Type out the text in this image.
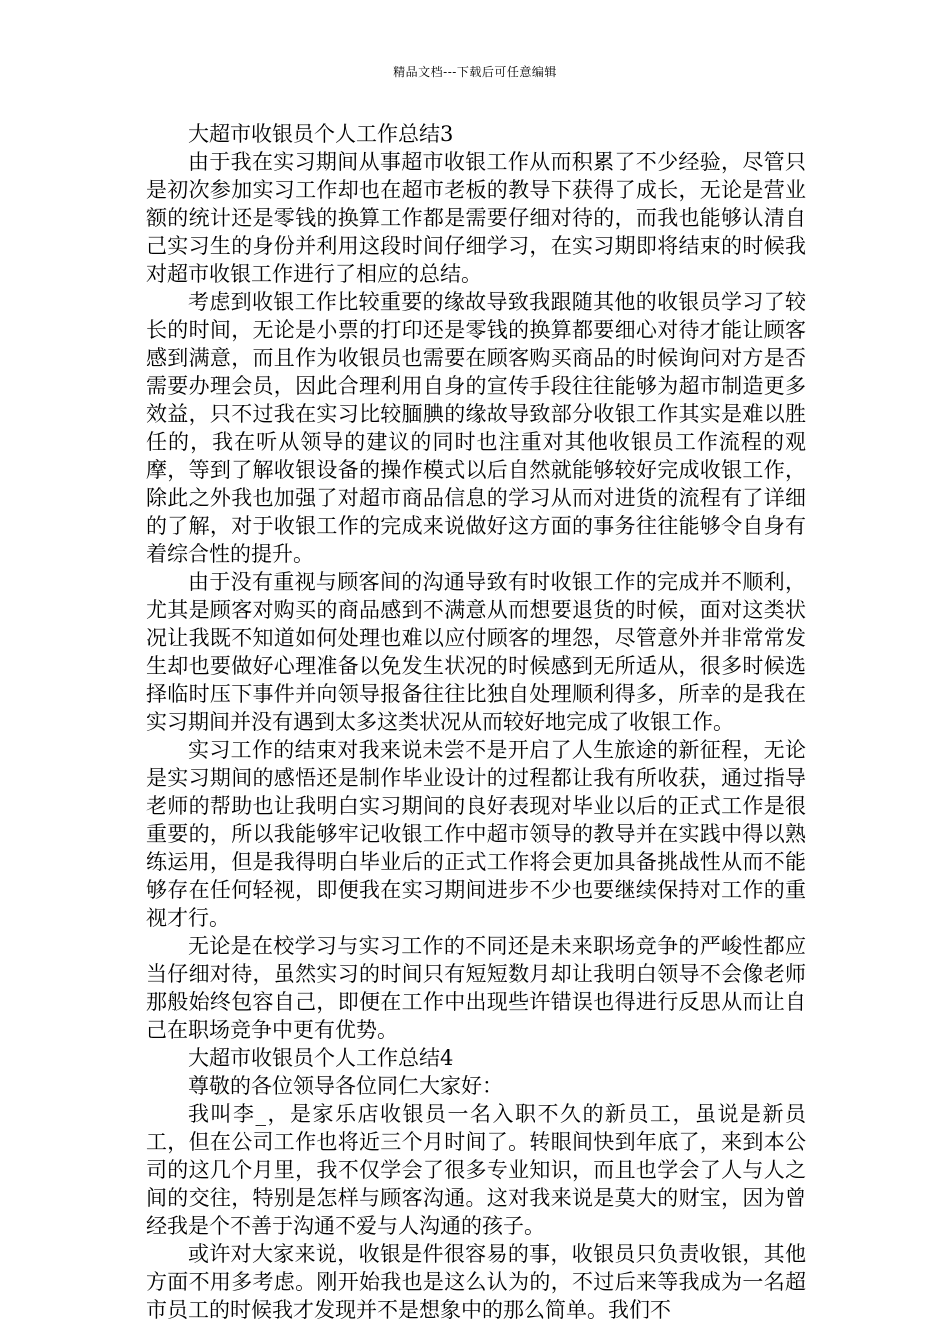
精品文档---下载后可任意编辑

大超市收银员个人工作总结3

由于我在实习期间从事超市收银工作从而积累了不少经验，尽管只是初次参加实习工作却也在超市老板的教导下获得了成长，无论是营业额的统计还是零钱的换算工作都是需要仔细对待的，而我也能够认清自己实习生的身份并利用这段时间仔细学习，在实习期即将结束的时候我对超市收银工作进行了相应的总结。

考虑到收银工作比较重要的缘故导致我跟随其他的收银员学习了较长的时间，无论是小票的打印还是零钱的换算都要细心对待才能让顾客感到满意，而且作为收银员也需要在顾客购买商品的时候询问对方是否需要办理会员，因此合理利用自身的宣传手段往往能够为超市制造更多效益，只不过我在实习比较腼腆的缘故导致部分收银工作其实是难以胜任的，我在听从领导的建议的同时也注重对其他收银员工作流程的观摩，等到了解收银设备的操作模式以后自然就能够较好完成收银工作，除此之外我也加强了对超市商品信息的学习从而对进货的流程有了详细的了解，对于收银工作的完成来说做好这方面的事务往往能够令自身有着综合性的提升。

由于没有重视与顾客间的沟通导致有时收银工作的完成并不顺利，尤其是顾客对购买的商品感到不满意从而想要退货的时候，面对这类状况让我既不知道如何处理也难以应付顾客的埋怨，尽管意外并非常常发生却也要做好心理准备以免发生状况的时候感到无所适从，很多时候选择临时压下事件并向领导报备往往比独自处理顺利得多，所幸的是我在实习期间并没有遇到太多这类状况从而较好地完成了收银工作。

实习工作的结束对我来说未尝不是开启了人生旅途的新征程，无论是实习期间的感悟还是制作毕业设计的过程都让我有所收获，通过指导老师的帮助也让我明白实习期间的良好表现对毕业以后的正式工作是很重要的，所以我能够牢记收银工作中超市领导的教导并在实践中得以熟练运用，但是我得明白毕业后的正式工作将会更加具备挑战性从而不能够存在任何轻视，即便我在实习期间进步不少也要继续保持对工作的重视才行。

无论是在校学习与实习工作的不同还是未来职场竞争的严峻性都应当仔细对待，虽然实习的时间只有短短数月却让我明白领导不会像老师那般始终包容自己，即便在工作中出现些许错误也得进行反思从而让自己在职场竞争中更有优势。

大超市收银员个人工作总结4

尊敬的各位领导各位同仁大家好：

我叫李_，是家乐店收银员一名入职不久的新员工，虽说是新员工，但在公司工作也将近三个月时间了。转眼间快到年底了，来到本公司的这几个月里，我不仅学会了很多专业知识，而且也学会了人与人之间的交往，特别是怎样与顾客沟通。这对我来说是莫大的财宝，因为曾经我是个不善于沟通不爱与人沟通的孩子。

或许对大家来说，收银是件很容易的事，收银员只负责收银，其他方面不用多考虑。刚开始我也是这么认为的，不过后来等我成为一名超市员工的时候我才发现并不是想象中的那么简单。我们不
